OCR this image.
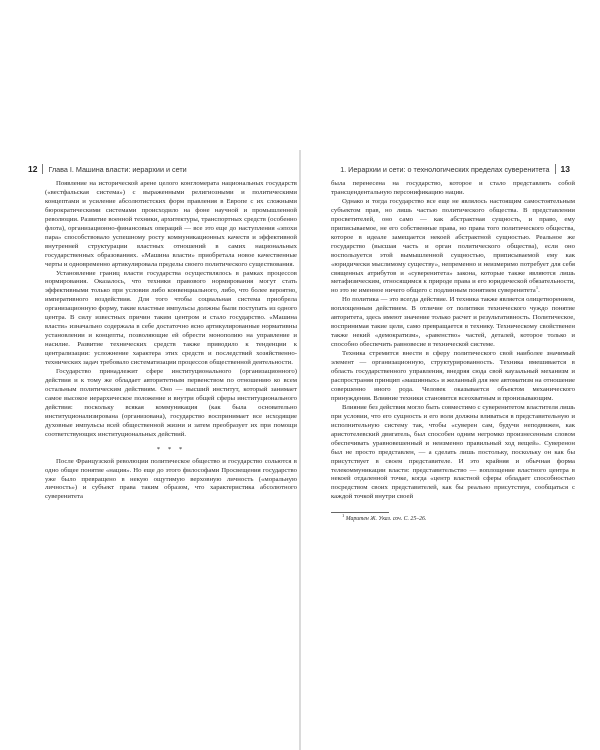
12 Глава I. Машина власти: иерархии и сети

Появление на исторической арене целого конгломерата национальных государств («вестфальская система») с выраженными религиозными и политическими концептами и усиление абсолютистских форм правления в Европе с их сложными бюрократическими системами происходило на фоне научной и промышленной революции. Развитие военной техники, архитектуры, транспортных средств (особенно флота), организационно-финансовых операций — все это еще до наступления «эпохи пара» способствовало успешному росту коммуникационных качеств и эффективной внутренней структурации властных отношений в самих национальных государственных образованиях. «Машина власти» приобретала новое качественные черты и одновременно артикулировала пределы своего политического существования.

Установление границ власти государства осуществлялось в рамках процессов нормирования. Оказалось, что техники правового нормирования могут стать эффективными только при условии либо конвенциального, либо, что более вероятно, императивного воздействия. Для того чтобы социальная система приобрела организационную форму, такие властные импульсы должны были поступать из одного центра. В силу известных причин таким центром и стало государство. «Машина власти» изначально содержала в себе достаточно ясно артикулированные нормативны установлении и концепты, позволяющие ей обрести монополию на управление и насилие. Развитие технических средств также приводило к тенденции к централизации: усложнение характера этих средств и последствий хозяйственно-технических задач требовало систематизации процессов общественной деятельности.

Государство принадлежит сфере институционального (организационного) действия и к тому же обладает авторитетным первенством по отношению ко всем остальным политическим действиям. Оно — высший институт, который занимает самое высокое иерархическое положение и внутри общей сферы институционального действия: поскольку всякая коммуникация (как была основательно институционализирована (организована), государство воспринимает все исходящие духовные импульсы всей общественной жизни и затем преобразует их при помощи соответствующих институциональных действий.

* * *

После Французской революции политическое общество и государство сольются в одно общее понятие «нация». Но еще до этого философами Просвещения государство уже было превращено в некую ощутимую верховную личность («моральную личность») и субъект права таким образом, что характеристика абсолютного суверенитета

1. Иерархии и сети: о технологических пределах суверенитета 13

была перенесена на государство, которое и стало представлять собой трансцендентальную персонификацию нации.

Однако и тогда государство все еще не являлось настоящим самостоятельным субъектом прав, но лишь частью политического общества. В представлении просветителей, оно само — как абстрактная сущность, и право, ему приписываемое, не его собственные права, но права того политического общества, которое в идеале замещается некоей абстрактной сущностью. Реальное же государство (высшая часть и орган политического общества), если оно воспользуется этой вымышленной сущностью, приписываемой ему как «юридически мыслимому существу», непременно и неизмеримо потребует для себя священных атрибутов и «суверенитета» закона, которые также являются лишь метафизическим, относящимся к природе права и его юридической обязательности, но это не именное ничего общего с подлинным понятием суверенитета$^1$.

Но политика — это всегда действие. И техника также является олицетворением, воплощенным действием. В отличие от политики технического чуждо понятие авторитета, здесь имеют значение только расчет и результативность. Политическое, воспринимая такие цели, само превращается в технику. Техническому свойственен также некий «демократизм», «равенство» частей, деталей, которое только и способно обеспечить равновесие в технической системе.

Техника стремится внести в сферу политического свой наиболее значимый элемент — организационную, структурированность. Техника вмешивается в область государственного управления, внедряя сюда свой каузальный механизм и распространяя принцип «машинных» и желанный для нее автоматизм на отношение совершенно иного рода. Человек оказывается объектом механического принуждения. Влияние техники становится всеохватным и пронизывающим.

Влияние без действия могло быть совместимо с суверенитетом властителя лишь при условии, что его сущность и его воля должны вливаться в представительную и исполнительную систему так, чтобы «суверен сам, будучи неподвижен, как аристотелевский двигатель, был способен одним негромко произнесенным словом обеспечивать уравновешенный и неизменно правильный ход вещей». Суверенон был не просто представлен, — а сделать лишь постольку, поскольку он как бы присутствует в своем представителе. И это крайняя и обычная форма телекоммуникации власти: представительство — воплощение властного центра в некоей отдаленной точке, когда «центр властной сферы обладает способностью посредством своих представителей, как бы реально присутствуя, сообщаться с каждой точкой внутри своей

$^1$ Маритен Ж. Указ. соч. С. 25–26.
